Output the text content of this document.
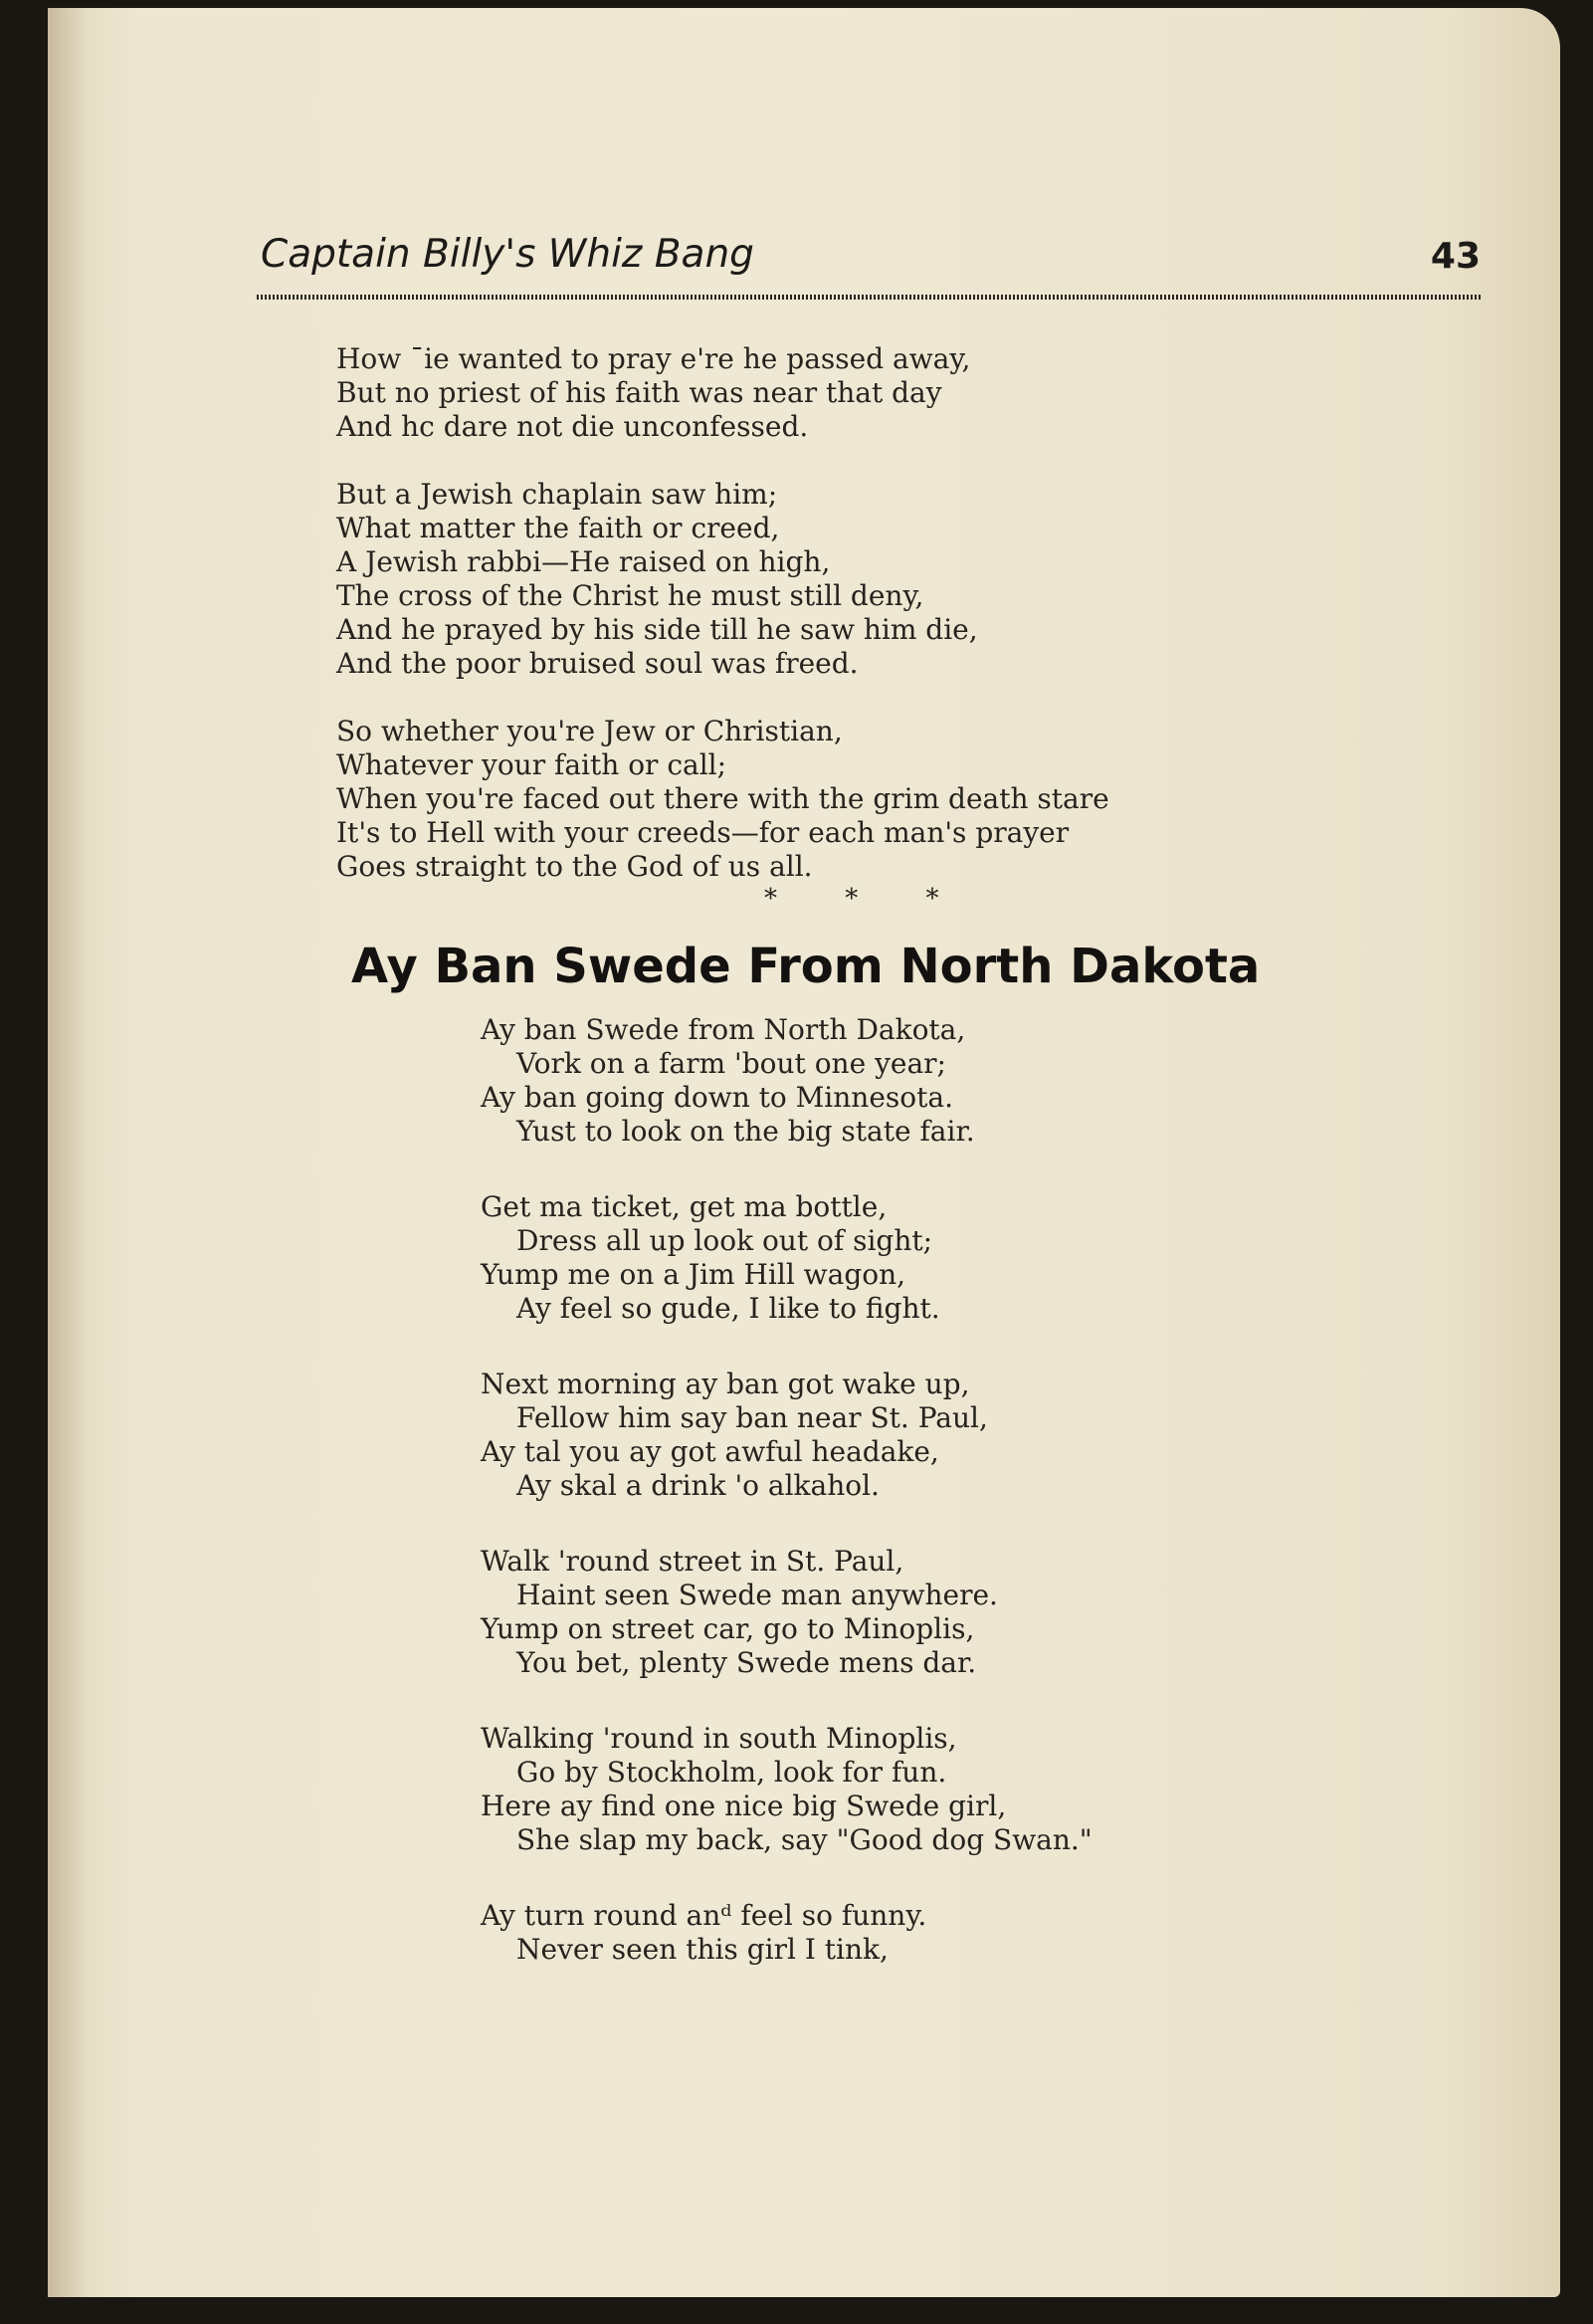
Captain Billy's Whiz Bang	43
How ˉie wanted to pray e're he passed away,
But no priest of his faith was near that day
And hc dare not die unconfessed.
But a Jewish chaplain saw him;
What matter the faith or creed,
A Jewish rabbi—He raised on high,
The cross of the Christ he must still deny,
And he prayed by his side till he saw him die,
And the poor bruised soul was freed.
So whether you're Jew or Christian,
Whatever your faith or call;
When you're faced out there with the grim death stare
It's to Hell with your creeds—for each man's prayer
Goes straight to the God of us all.
* * *
Ay Ban Swede From North Dakota
Ay ban Swede from North Dakota,
Vork on a farm 'bout one year;
Ay ban going down to Minnesota.
Yust to look on the big state fair.
Get ma ticket, get ma bottle,
Dress all up look out of sight;
Yump me on a Jim Hill wagon,
Ay feel so gude, I like to fight.
Next morning ay ban got wake up,
Fellow him say ban near St. Paul,
Ay tal you ay got awful headake,
Ay skal a drink 'o alkahol.
Walk 'round street in St. Paul,
Haint seen Swede man anywhere.
Yump on street car, go to Minoplis,
You bet, plenty Swede mens dar.
Walking 'round in south Minoplis,
Go by Stockholm, look for fun.
Here ay find one nice big Swede girl,
She slap my back, say "Good dog Swan."
Ay turn round anᵈ feel so funny.
Never seen this girl I tink,
